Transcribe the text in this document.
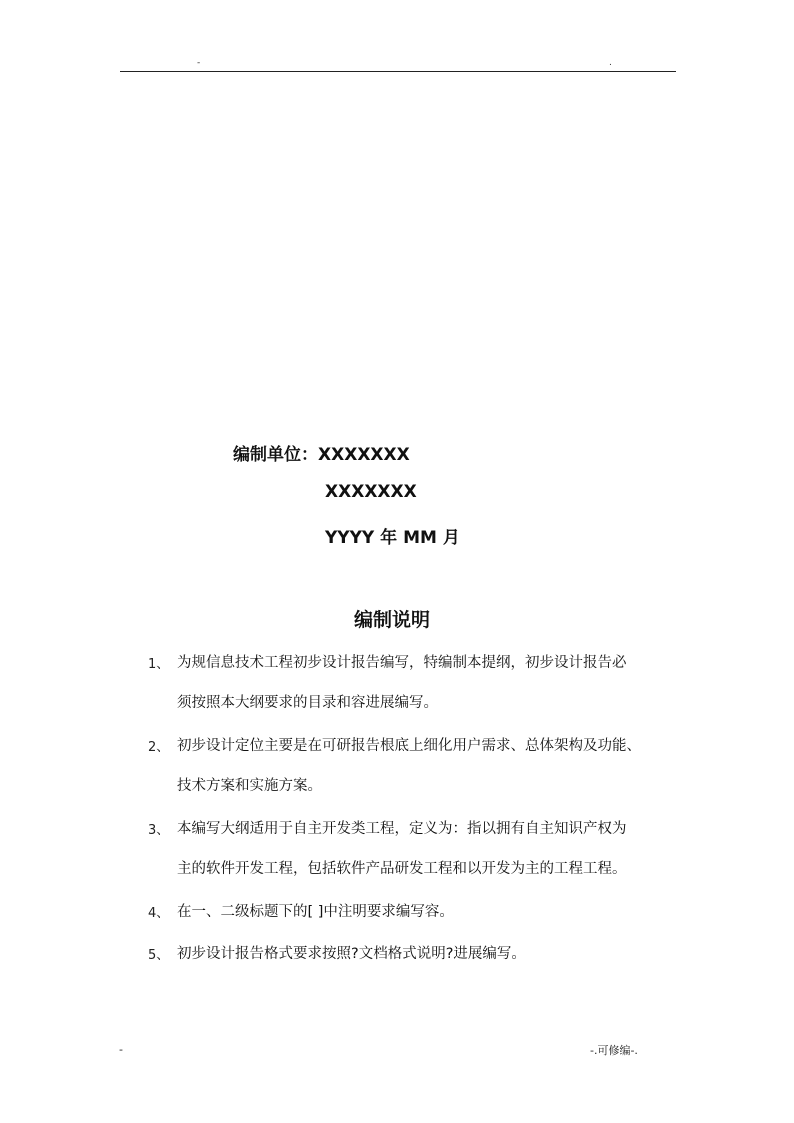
-	.
编制单位：XXXXXXX
XXXXXXX
YYYY 年 MM 月
编制说明
1、 为规信息技术工程初步设计报告编写，特编制本提纲，初步设计报告必
须按照本大纲要求的目录和容进展编写。
2、 初步设计定位主要是在可研报告根底上细化用户需求、总体架构及功能、
技术方案和实施方案。
3、 本编写大纲适用于自主开发类工程，定义为：指以拥有自主知识产权为
主的软件开发工程，包括软件产品研发工程和以开发为主的工程工程。
4、 在一、二级标题下的[ ]中注明要求编写容。
5、 初步设计报告格式要求按照?文档格式说明?进展编写。
-	-.可修编-.
